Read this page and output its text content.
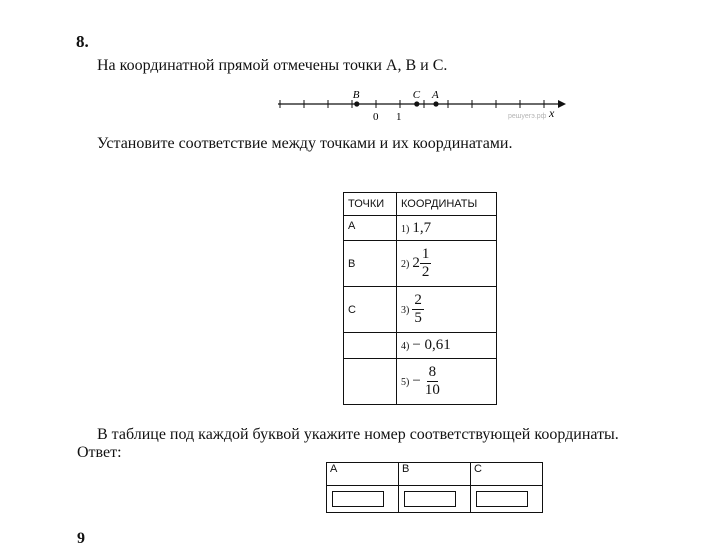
8.
На координатной прямой отмечены точки A, B и C.
B	C A
0 1	x
решуегэ.рф
Установите соответствие между точками и их координатами.
ТОЧКИ	КООРДИНАТЫ
A	1) 1,7
B	2) $2 \frac{1}{2}$

C	$3) \frac{2}{5}$

	4) − 0,61
	$5) - \frac{8}{10}$
В таблице под каждой буквой укажите номер соответствующей координаты.
Ответ:
A	B	C

9
